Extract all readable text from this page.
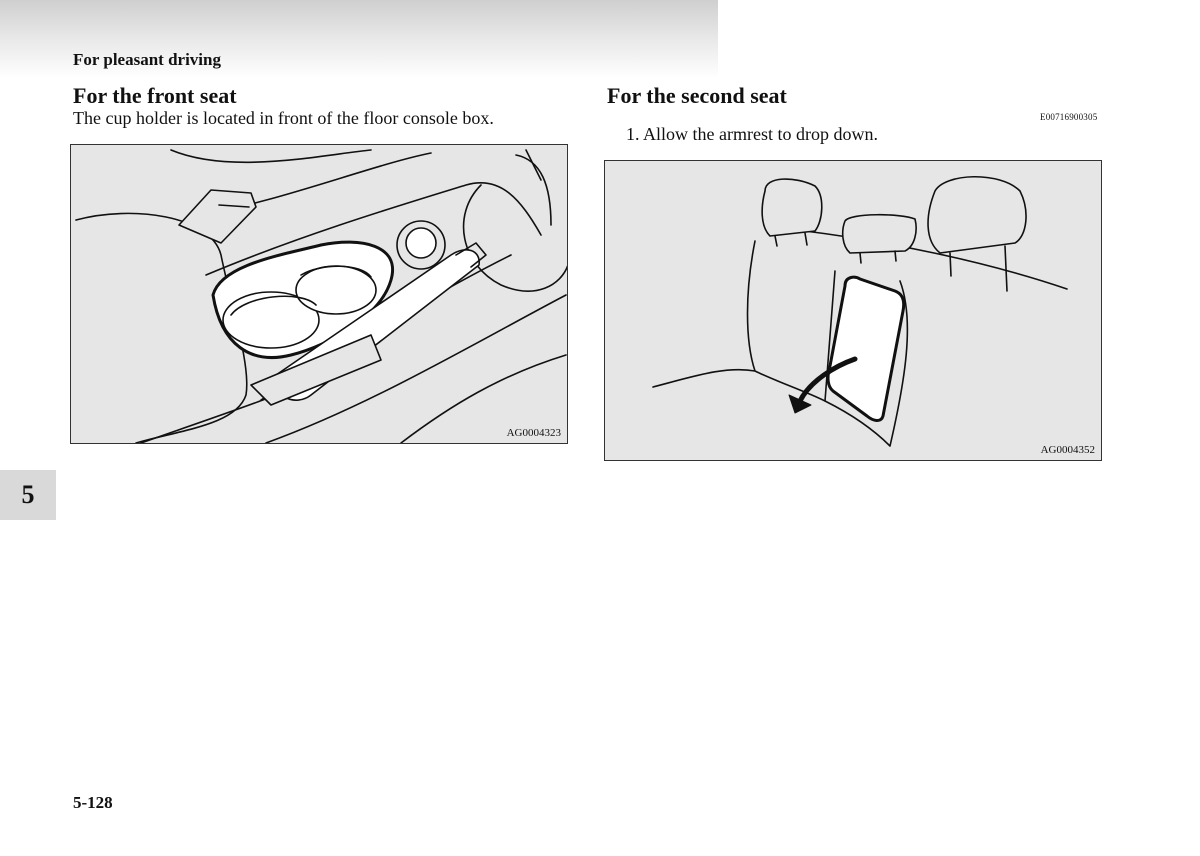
For pleasant driving
For the front seat
The cup holder is located in front of the floor console box.
AG0004323
For the second seat
E00716900305
1. Allow the armrest to drop down.
AG0004352
5
5-128
